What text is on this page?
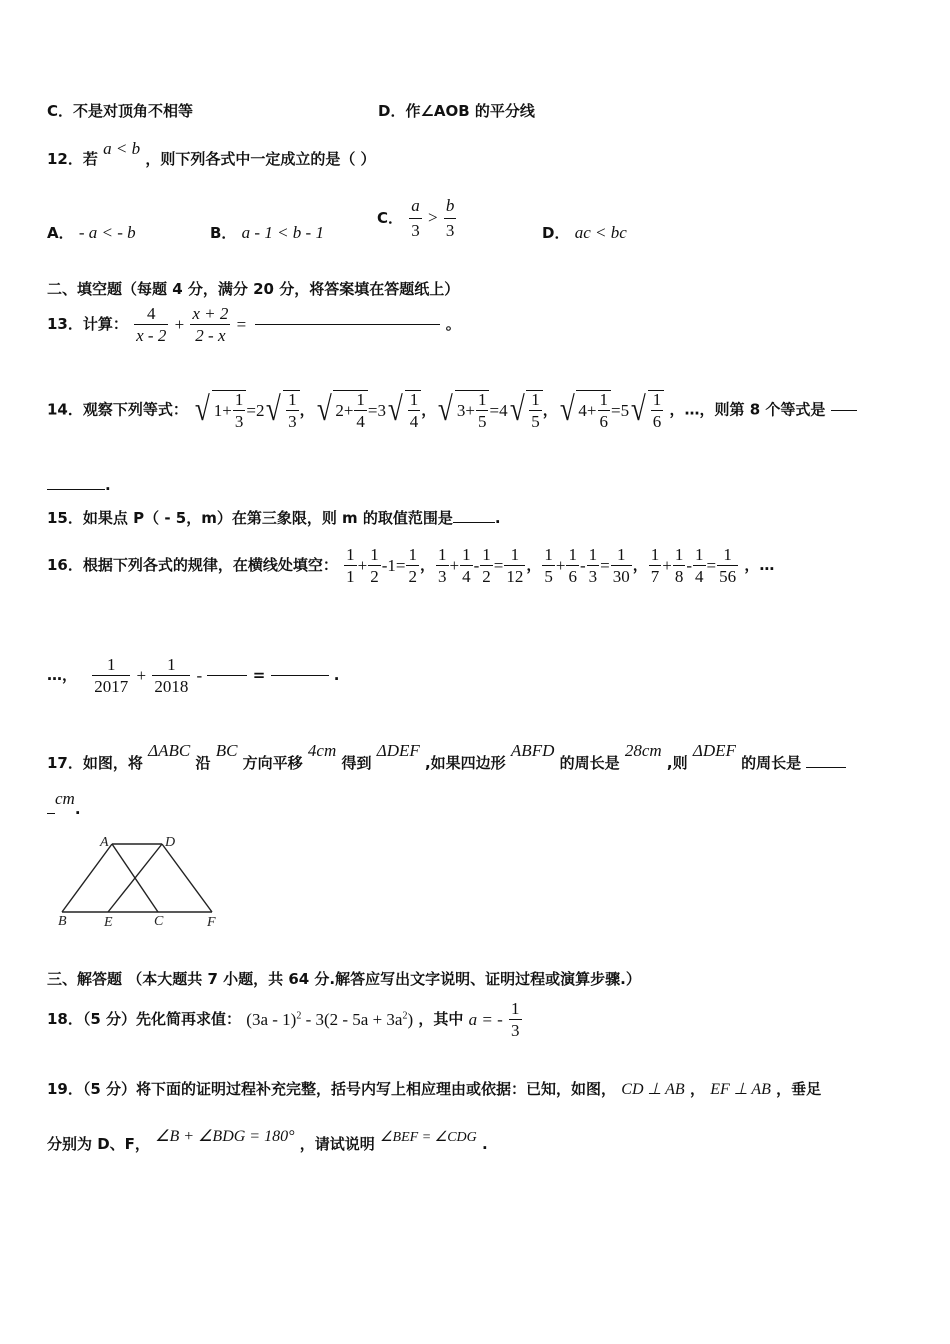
C．不是对顶角不相等	D．作∠AOB 的平分线
12．若 a < b ，则下列各式中一定成立的是（ ）
A． - a < - b	B． a - 1 < b - 1
C． $\frac{a}{3} > \frac{b}{3}$	D． ac < bc
二、填空题（每题 4 分，满分 20 分，将答案填在答题纸上）
13．计算： $\frac{4}{x - 2} + \frac{x + 2}{2 - x}$ =	。
14．观察下列等式： √ $1+ \frac{1}{3} =2√ \frac{1}{3}$ ，√ $2+ \frac{1}{4} =3√ \frac{1}{4}$ ，√ $3+ \frac{1}{5} =4√ \frac{1}{5}$ ，√ $4+ \frac{1}{6} =5√ \frac{1}{6}$ ，…，则第 8 个等式是
.
15．如果点 P（ - 5，m）在第三象限，则 m 的取值范围是	.
16．根据下列各式的规律，在横线处填空： $\frac{1}{1} + \frac{1}{2} -1= \frac{1}{2}$ ， $\frac{1}{3} + \frac{1}{4} - \frac{1}{2} = \frac{1}{12}$ ， $\frac{1}{5} + \frac{1}{6} - \frac{1}{3} = \frac{1}{30}$ ， $\frac{1}{7} + \frac{1}{8} - \frac{1}{4} = \frac{1}{56}$ ，…
…， $\frac{1}{2017} + \frac{1}{2018}$ -	=	.
17．如图，将 ΔABC 沿 BC 方向平移 4cm 得到 ΔDEF ,如果四边形 ABFD 的周长是 28cm ,则 ΔDEF 的周长是
cm.
A	D
B	E	C	F
三、解答题 （本大题共 7 小题，共 64 分.解答应写出文字说明、证明过程或演算步骤.）
18．（5 分）先化简再求值： $(3a - 1)^2 - 3(2 - 5a + 3a^2)$ ，其中 a = - $\frac{1}{3}$
19．（5 分）将下面的证明过程补充完整，括号内写上相应理由或依据：已知，如图， CD ⊥ AB ， EF ⊥ AB ，垂足
分别为 D、F， ∠B + ∠BDG = 180° ，请试说明 ∠BEF = ∠CDG .
